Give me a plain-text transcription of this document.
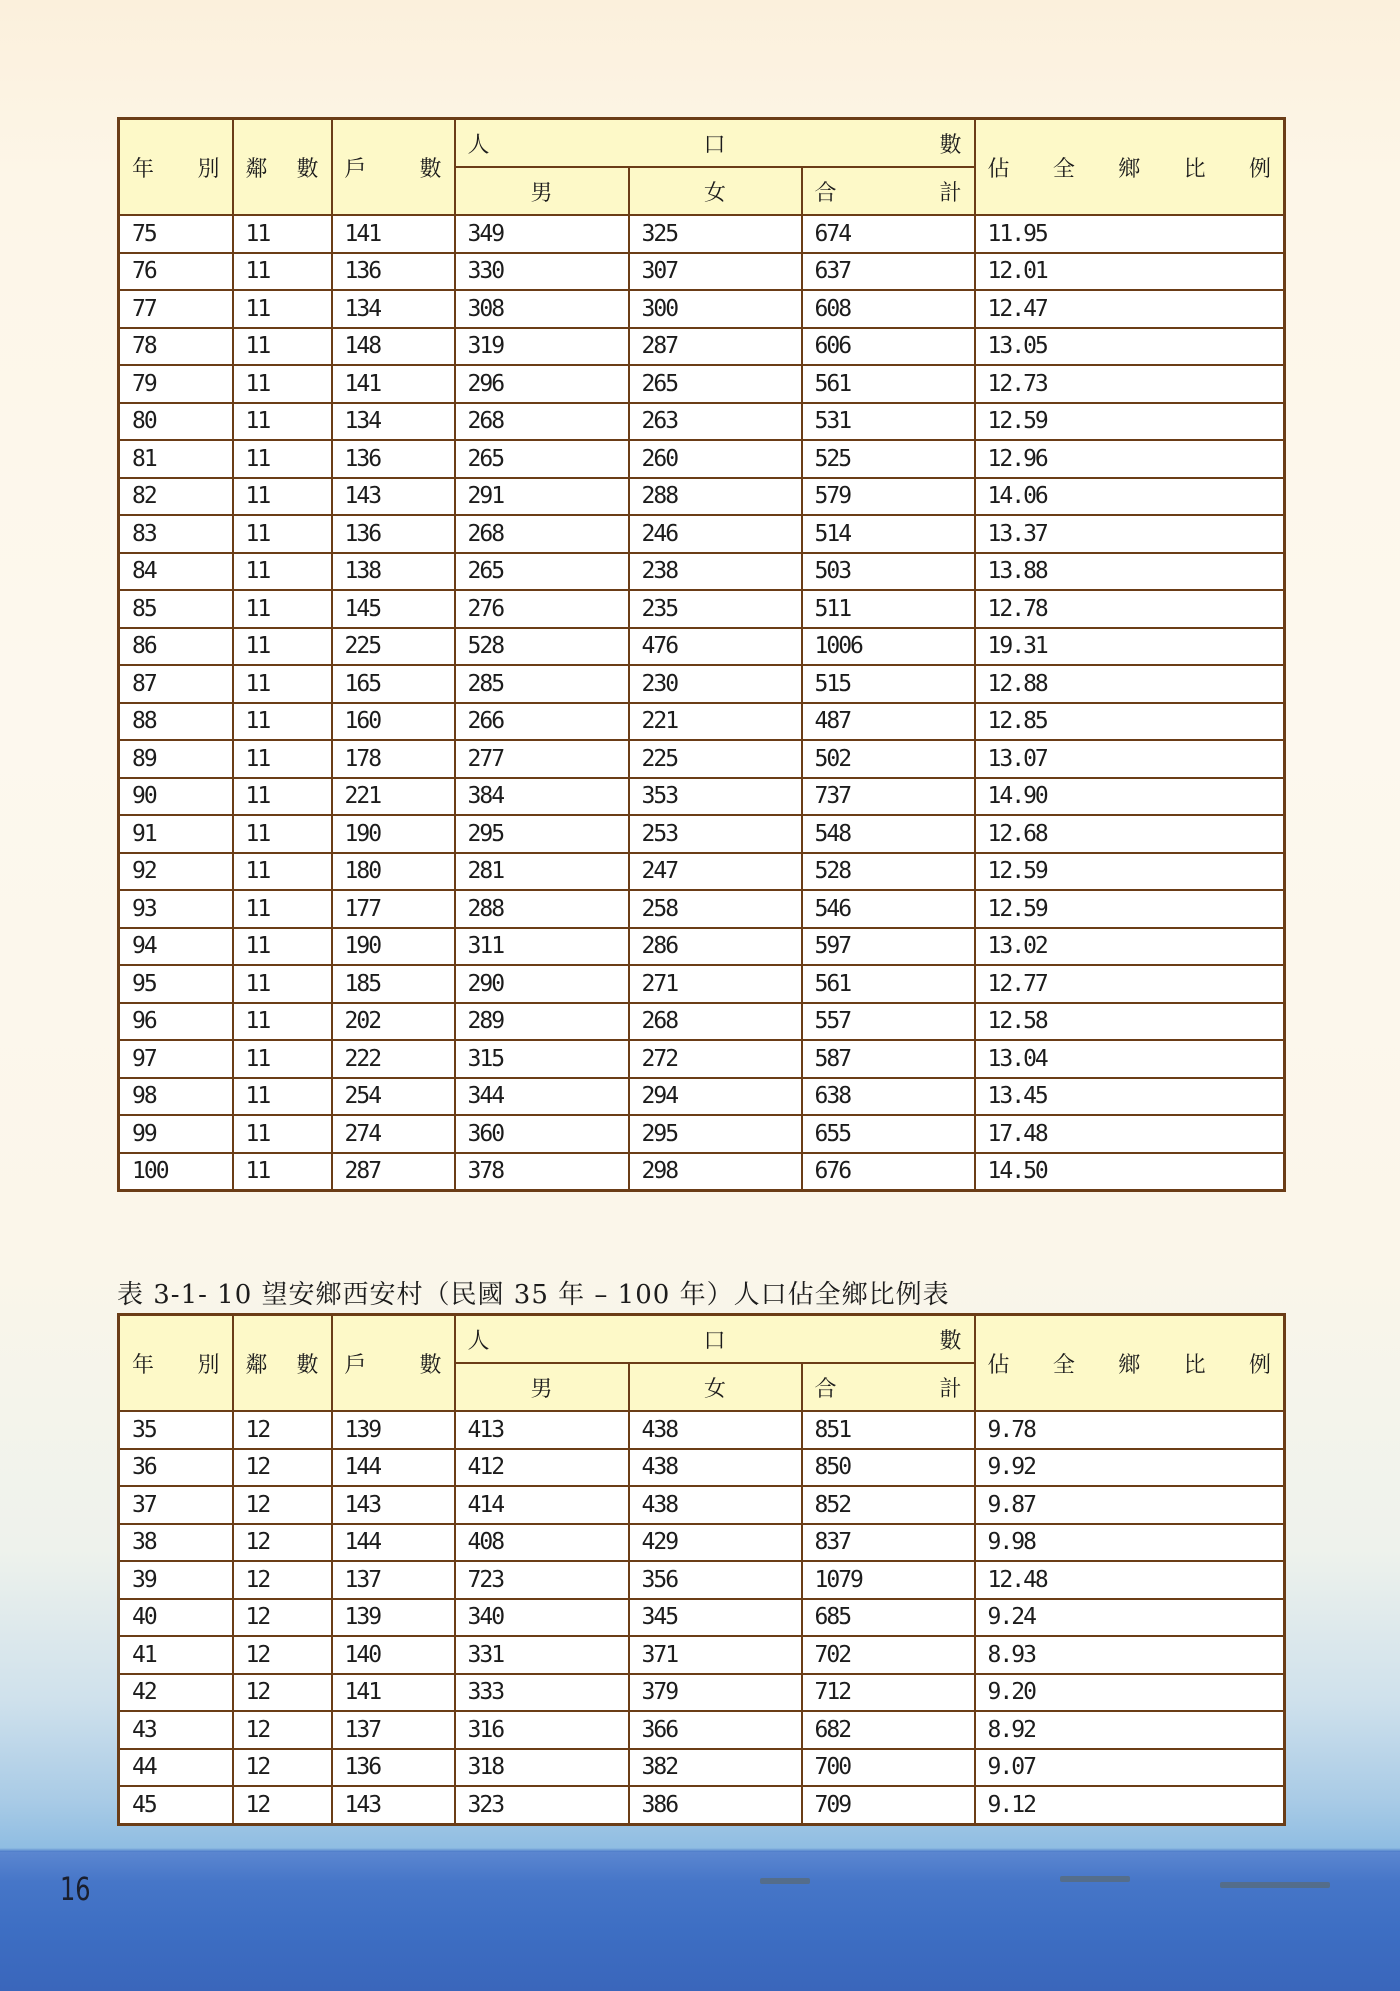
年 別	鄰 數	戶 數	人 口 數			佔 全 鄉 比 例

			男	女	合 計	

75	11	141	349	325	674	11.95
76	11	136	330	307	637	12.01
77	11	134	308	300	608	12.47
78	11	148	319	287	606	13.05
79	11	141	296	265	561	12.73
80	11	134	268	263	531	12.59
81	11	136	265	260	525	12.96
82	11	143	291	288	579	14.06
83	11	136	268	246	514	13.37
84	11	138	265	238	503	13.88
85	11	145	276	235	511	12.78
86	11	225	528	476	1006	19.31
87	11	165	285	230	515	12.88
88	11	160	266	221	487	12.85
89	11	178	277	225	502	13.07
90	11	221	384	353	737	14.90
91	11	190	295	253	548	12.68
92	11	180	281	247	528	12.59
93	11	177	288	258	546	12.59
94	11	190	311	286	597	13.02
95	11	185	290	271	561	12.77
96	11	202	289	268	557	12.58
97	11	222	315	272	587	13.04
98	11	254	344	294	638	13.45
99	11	274	360	295	655	17.48
100	11	287	378	298	676	14.50
表 3-1- 10 望安鄉西安村（民國 35 年 – 100 年）人口佔全鄉比例表
年 別	鄰 數	戶 數	人 口 數			佔 全 鄉 比 例

			男	女	合 計	

35	12	139	413	438	851	9.78
36	12	144	412	438	850	9.92
37	12	143	414	438	852	9.87
38	12	144	408	429	837	9.98
39	12	137	723	356	1079	12.48
40	12	139	340	345	685	9.24
41	12	140	331	371	702	8.93
42	12	141	333	379	712	9.20
43	12	137	316	366	682	8.92
44	12	136	318	382	700	9.07
45	12	143	323	386	709	9.12
16
